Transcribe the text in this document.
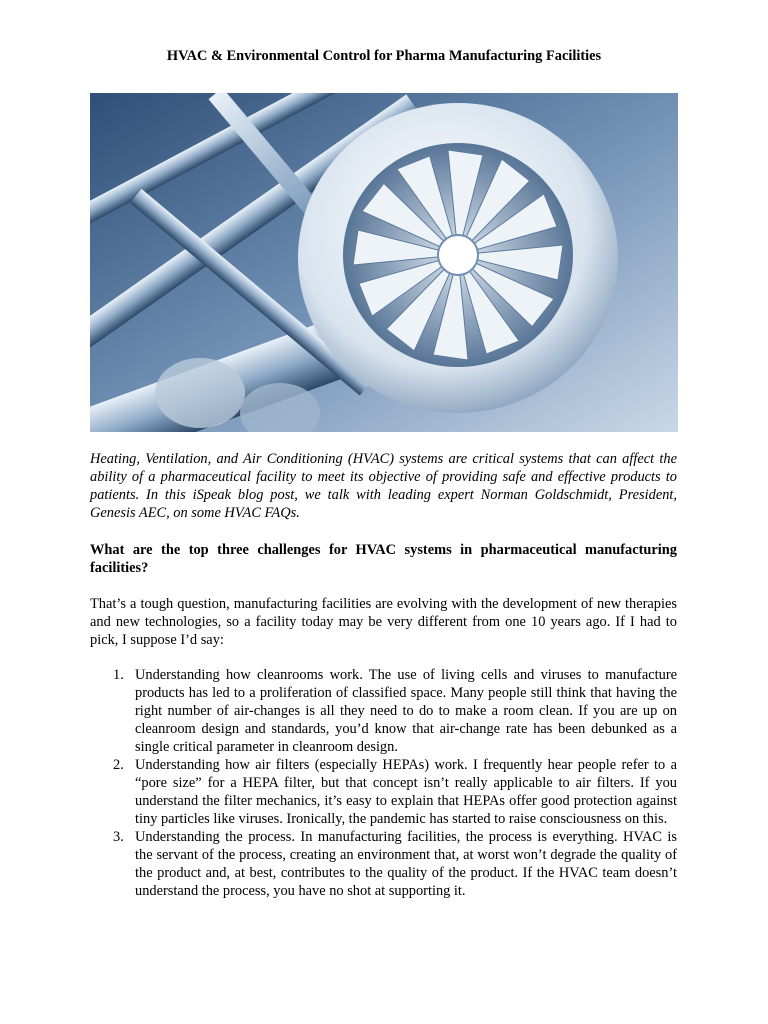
HVAC & Environmental Control for Pharma Manufacturing Facilities

Heating, Ventilation, and Air Conditioning (HVAC) systems are critical systems that can affect the ability of a pharmaceutical facility to meet its objective of providing safe and effective products to patients. In this iSpeak blog post, we talk with leading expert Norman Goldschmidt, President, Genesis AEC, on some HVAC FAQs.

What are the top three challenges for HVAC systems in pharmaceutical manufacturing facilities?

That’s a tough question, manufacturing facilities are evolving with the development of new therapies and new technologies, so a facility today may be very different from one 10 years ago. If I had to pick, I suppose I’d say:

1. Understanding how cleanrooms work. The use of living cells and viruses to manufacture products has led to a proliferation of classified space. Many people still think that having the right number of air-changes is all they need to do to make a room clean. If you are up on cleanroom design and standards, you’d know that air-change rate has been debunked as a single critical parameter in cleanroom design.
2. Understanding how air filters (especially HEPAs) work. I frequently hear people refer to a “pore size” for a HEPA filter, but that concept isn’t really applicable to air filters. If you understand the filter mechanics, it’s easy to explain that HEPAs offer good protection against tiny particles like viruses. Ironically, the pandemic has started to raise consciousness on this.
3. Understanding the process. In manufacturing facilities, the process is everything. HVAC is the servant of the process, creating an environment that, at worst won’t degrade the quality of the product and, at best, contributes to the quality of the product. If the HVAC team doesn’t understand the process, you have no shot at supporting it.
